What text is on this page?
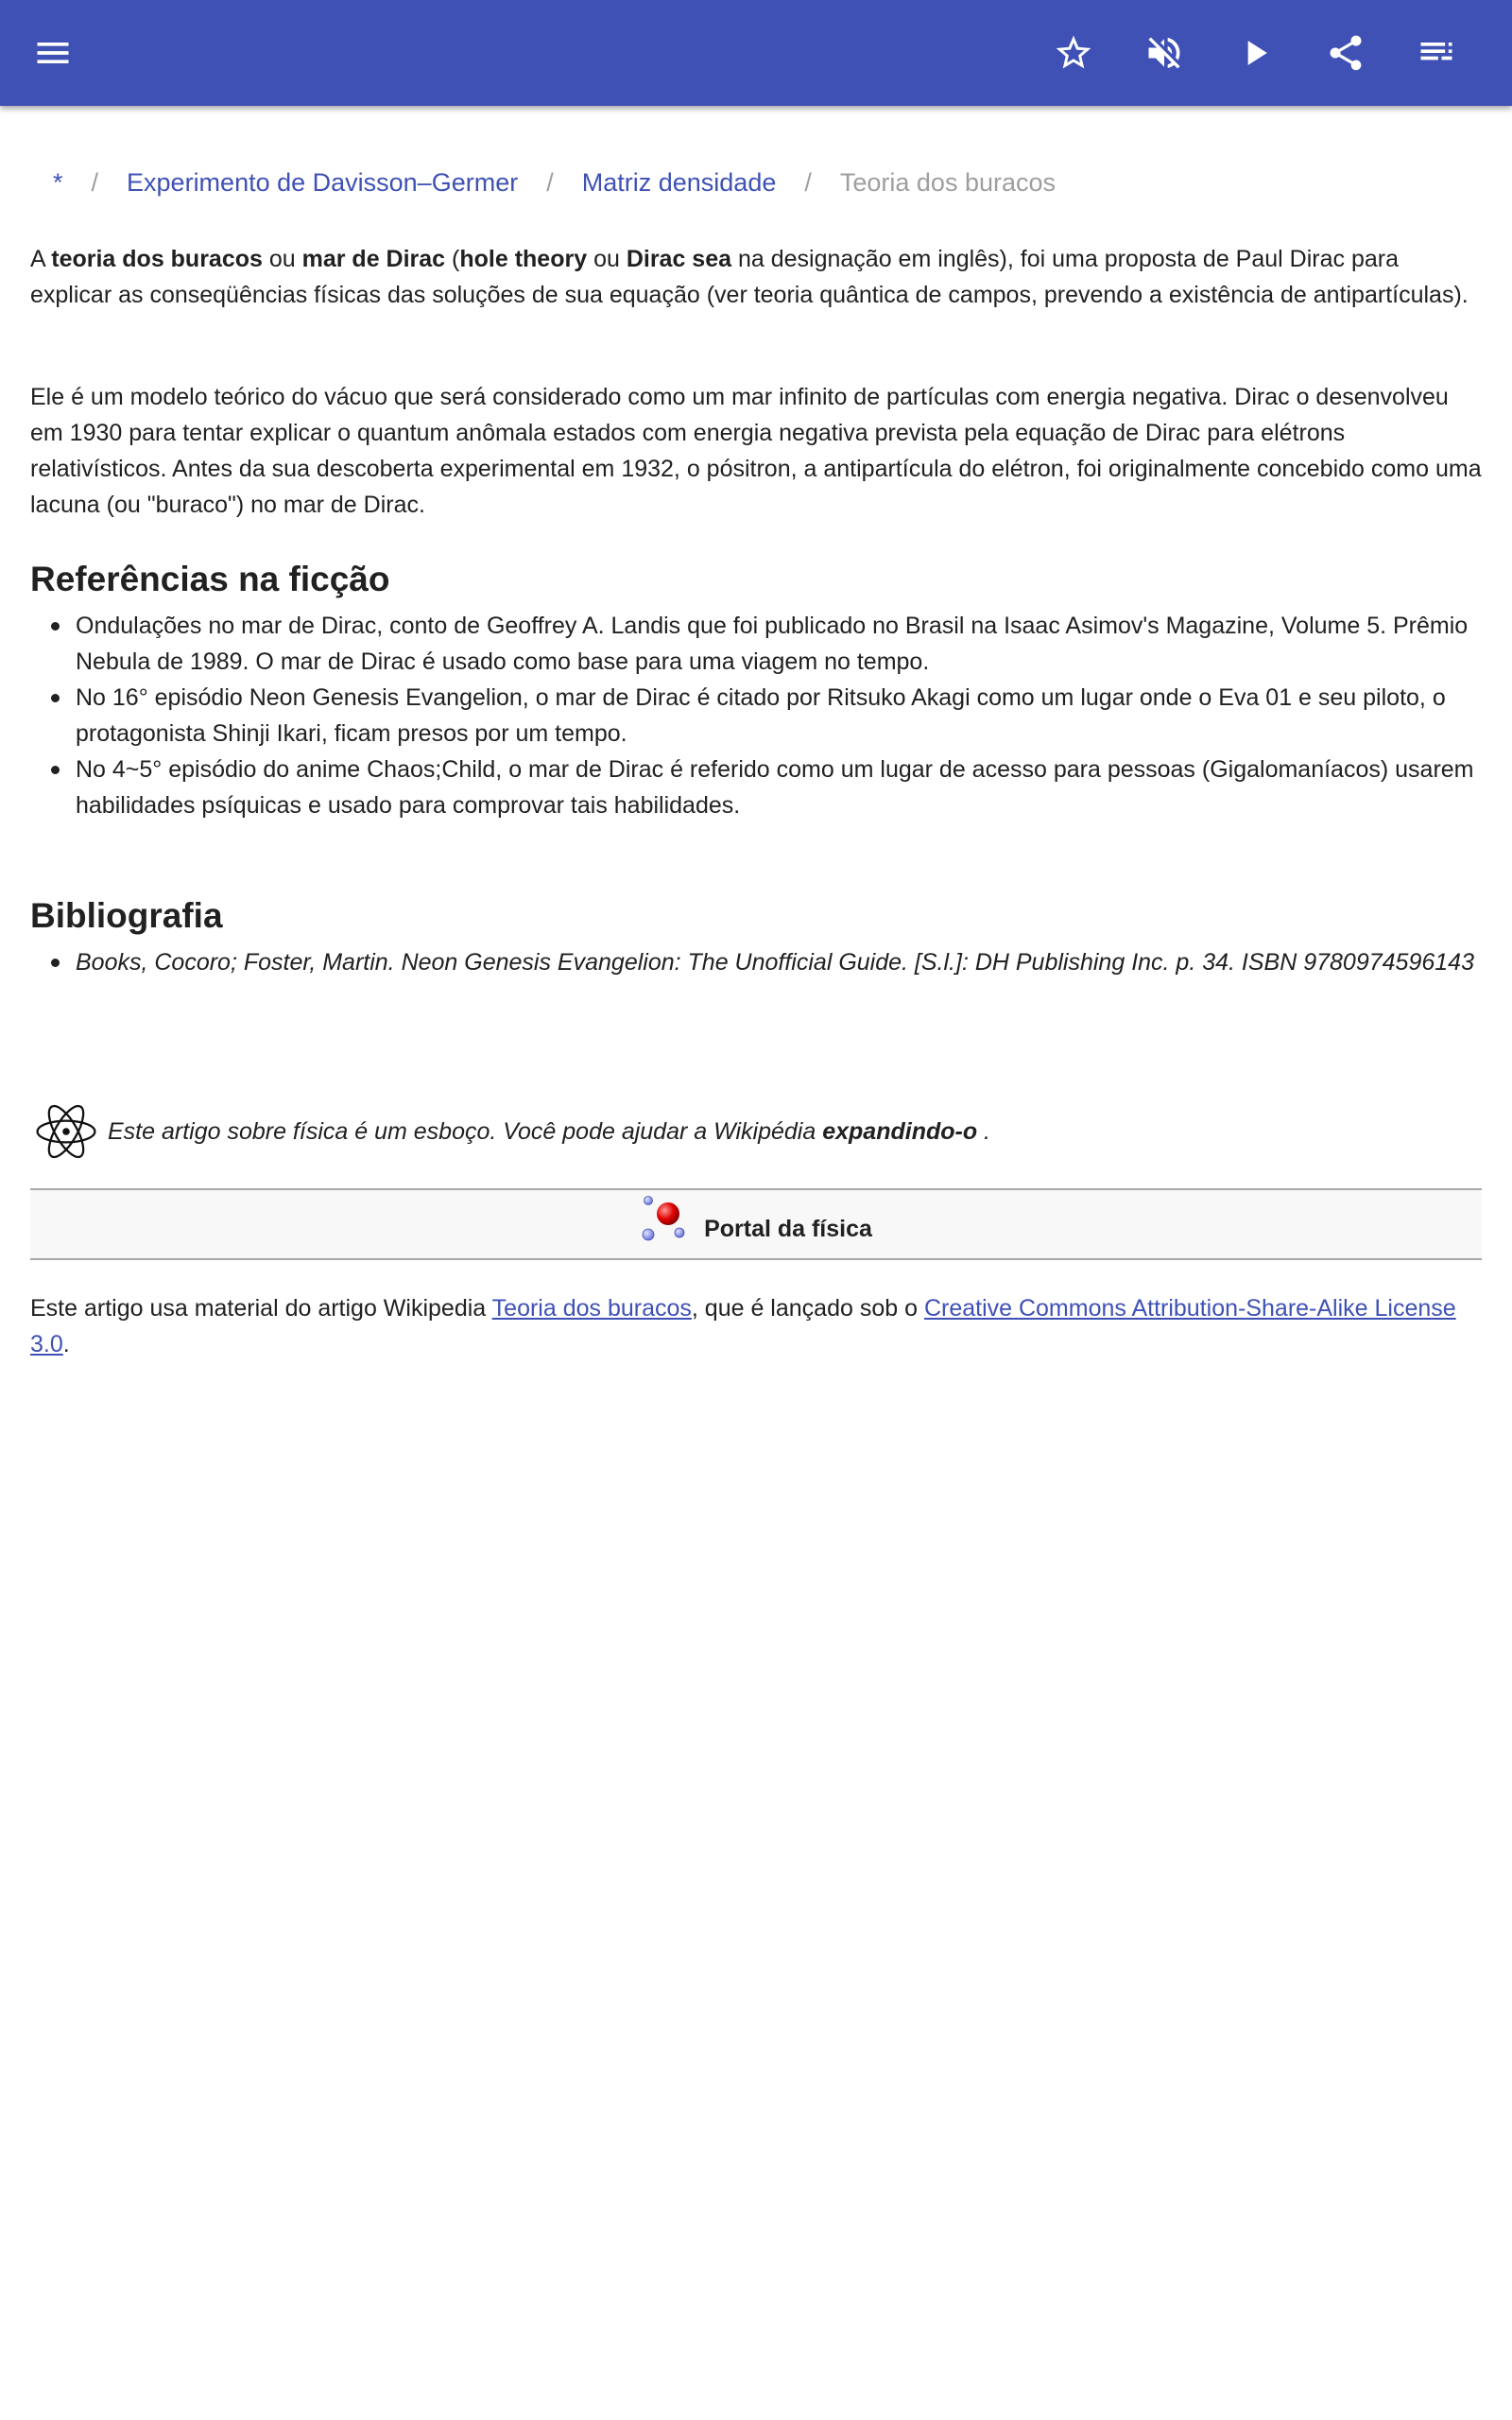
* / Experimento de Davisson–Germer / Matriz densidade / Teoria dos buracos

A teoria dos buracos ou mar de Dirac (hole theory ou Dirac sea na designação em inglês), foi uma proposta de Paul Dirac para explicar as conseqüências físicas das soluções de sua equação (ver teoria quântica de campos, prevendo a existência de antipartículas).

Ele é um modelo teórico do vácuo que será considerado como um mar infinito de partículas com energia negativa. Dirac o desenvolveu em 1930 para tentar explicar o quantum anômala estados com energia negativa prevista pela equação de Dirac para elétrons relativísticos. Antes da sua descoberta experimental em 1932, o pósitron, a antipartícula do elétron, foi originalmente concebido como uma lacuna (ou "buraco") no mar de Dirac.

Referências na ficção
Ondulações no mar de Dirac, conto de Geoffrey A. Landis que foi publicado no Brasil na Isaac Asimov's Magazine, Volume 5. Prêmio Nebula de 1989. O mar de Dirac é usado como base para uma viagem no tempo.
No 16° episódio Neon Genesis Evangelion, o mar de Dirac é citado por Ritsuko Akagi como um lugar onde o Eva 01 e seu piloto, o protagonista Shinji Ikari, ficam presos por um tempo.
No 4~5° episódio do anime Chaos;Child, o mar de Dirac é referido como um lugar de acesso para pessoas (Gigalomaníacos) usarem habilidades psíquicas e usado para comprovar tais habilidades.
Bibliografia
Books, Cocoro; Foster, Martin. Neon Genesis Evangelion: The Unofficial Guide. [S.l.]: DH Publishing Inc. p. 34. ISBN 9780974596143
Este artigo sobre física é um esboço. Você pode ajudar a Wikipédia expandindo-o .
Portal da física

Este artigo usa material do artigo Wikipedia Teoria dos buracos, que é lançado sob o Creative Commons Attribution-Share-Alike License 3.0.
